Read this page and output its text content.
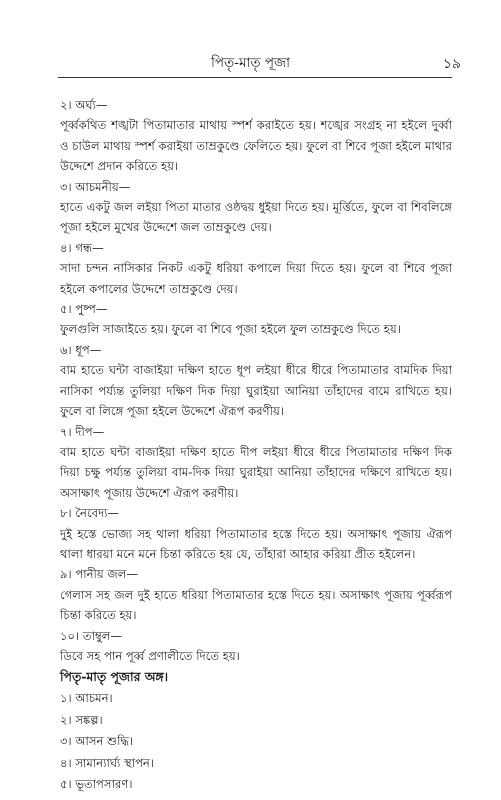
পিতৃ-মাতৃ পূজা	১৯

২। অর্ঘ্য—

পূর্ব্বকথিত শঙ্খটা পিতামাতার মাথায় স্পর্শ করাইতে হয়। শঙ্খের সংগ্রহ না হইলে দুর্ব্বা ও চাউল মাথায় স্পর্শ করাইয়া তাম্রকুণ্ডে ফেলিতে হয়। ফুলে বা শিবে পূজা হইলে মাথার উদ্দেশে প্রদান করিতে হয়।

৩। আচমনীয়—

হাতে একটু জল লইয়া পিতা মাতার ওষ্ঠদ্বয় ধুইয়া দিতে হয়। মূর্ত্তিতে, ফুলে বা শিবলিঙ্গে পূজা হইলে মুখের উদ্দেশে জল তাম্রকুণ্ডে দেয়।

৪। গন্ধ—

সাদা চন্দন নাসিকার নিকট একটু ধরিয়া কপালে দিয়া দিতে হয়। ফুলে বা শিবে পূজা হইলে কপালের উদ্দেশে তাম্রকুণ্ডে দেয়।

৫। পুষ্প—

ফুলগুলি সাজাইতে হয়। ফুলে বা শিবে পূজা হইলে ফুল তাম্রকুণ্ডে দিতে হয়।

৬। ধূপ—

বাম হাতে ঘন্টা বাজাইয়া দক্ষিণ হাতে ধূপ লইয়া ধীরে ধীরে পিতামাতার বামদিক দিয়া নাসিকা পর্য্যন্ত তুলিয়া দক্ষিণ দিক দিয়া ঘুরাইয়া আনিয়া তাঁহাদের বামে রাখিতে হয়। ফুলে বা লিঙ্গে পূজা হইলে উদ্দেশে ঐরূপ করণীয়।

৭। দীপ—

বাম হাতে ঘন্টা বাজাইয়া দক্ষিণ হাতে দীপ লইয়া ধীরে ধীরে পিতামাতার দক্ষিণ দিক দিয়া চক্ষু পর্য্যন্ত তুলিয়া বাম-দিক দিয়া ঘুরাইয়া আনিয়া তাঁহাদের দক্ষিণে রাখিতে হয়। অসাক্ষাৎ পূজায় উদ্দেশে ঐরূপ করণীয়।

৮। নৈবেদ্য—

দুই হস্তে ভোজ্য সহ থালা ধরিয়া পিতামাতার হস্তে দিতে হয়। অসাক্ষাৎ পূজায় ঐরূপ থালা ধারয়া মনে মনে চিন্তা করিতে হয় যে, তাঁহারা আহার করিয়া প্রীত হইলেন।

৯। পানীয় জল—

গেলাস সহ জল দুই হাতে ধরিয়া পিতামাতার হস্তে দিতে হয়। অসাক্ষাৎ পূজায় পূর্ব্বরূপ চিন্তা করিতে হয়।

১০। তাম্বুল—

ডিবে সহ পান পূর্ব্ব প্রণালীতে দিতে হয়।

পিতৃ-মাতৃ পূজার অঙ্গ।

১। আচমন।

২। সঙ্কল্প।

৩। আসন শুদ্ধি।

৪। সামান্যার্ঘ্য স্থাপন।

৫। ভূতাপসারণ।
